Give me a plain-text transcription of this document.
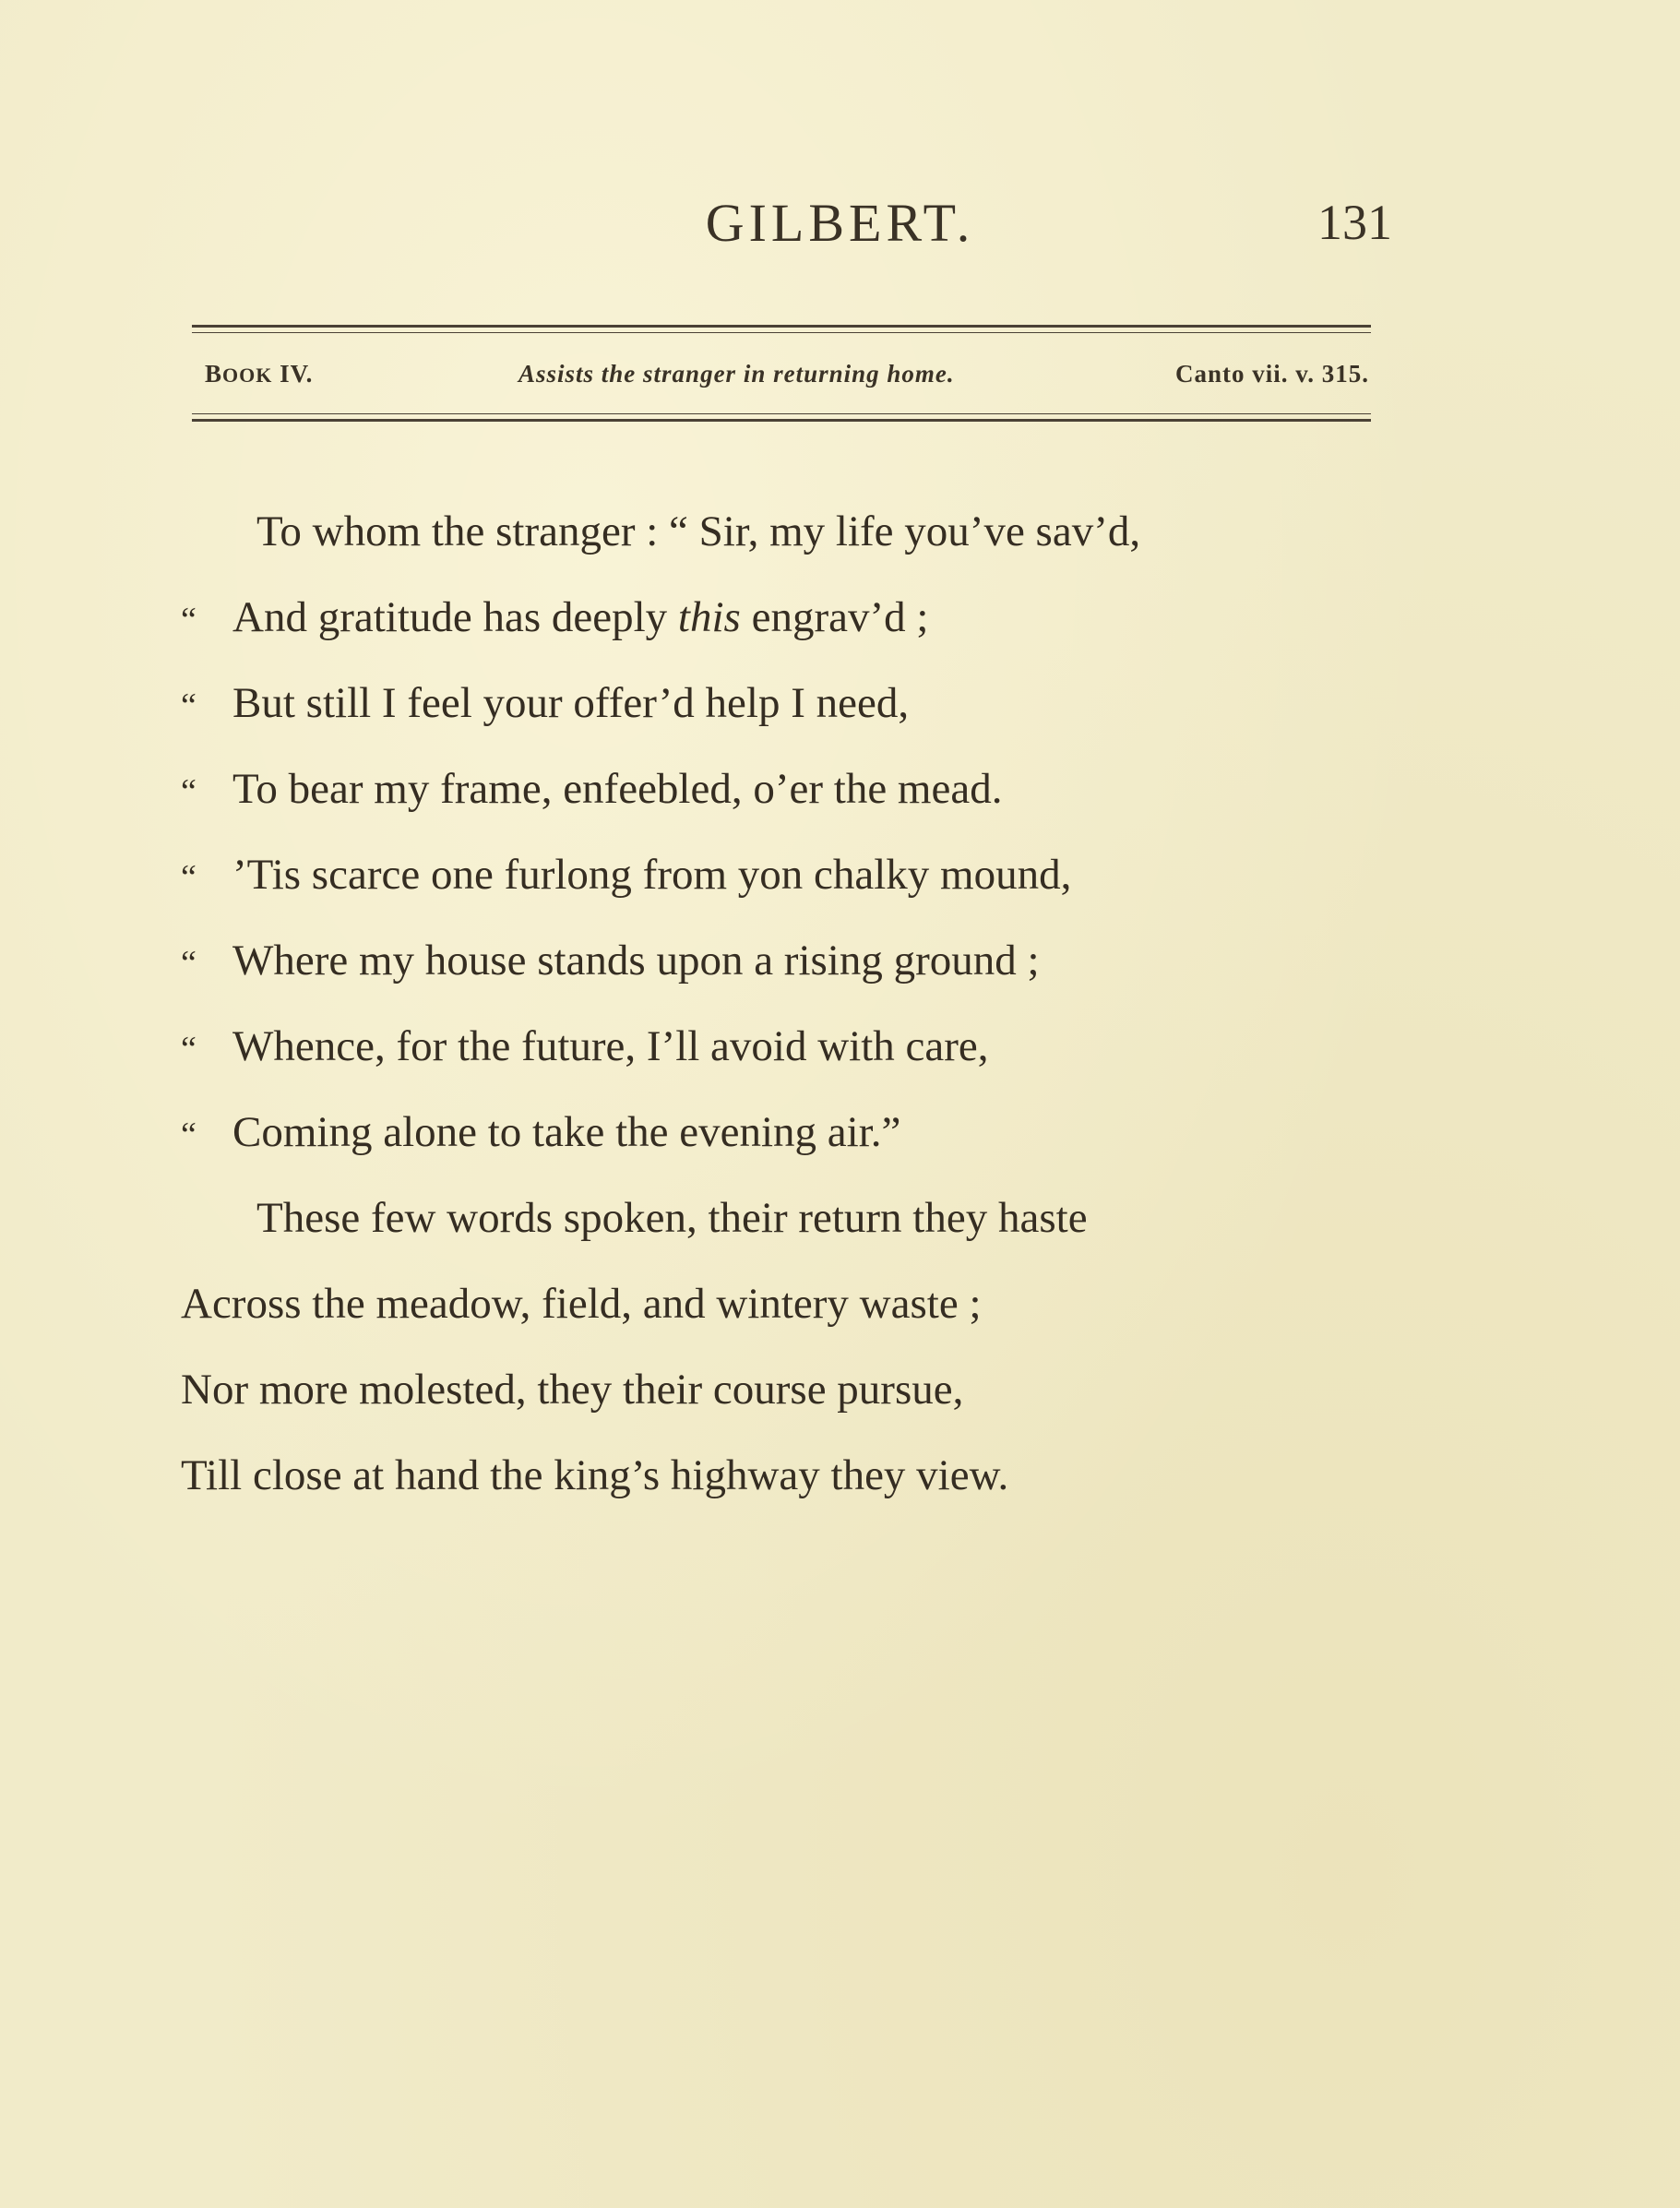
GILBERT.	131
BOOK IV.	Assists the stranger in returning home.	Canto vii. v. 315.
To whom the stranger : “ Sir, my life you’ve sav’d,
“ And gratitude has deeply this engrav’d ;
“ But still I feel your offer’d help I need,
“ To bear my frame, enfeebled, o’er the mead.
“ ’Tis scarce one furlong from yon chalky mound,
“ Where my house stands upon a rising ground ;
“ Whence, for the future, I’ll avoid with care,
“ Coming alone to take the evening air.”
These few words spoken, their return they haste
Across the meadow, field, and wintery waste ;
Nor more molested, they their course pursue,
Till close at hand the king’s highway they view.
